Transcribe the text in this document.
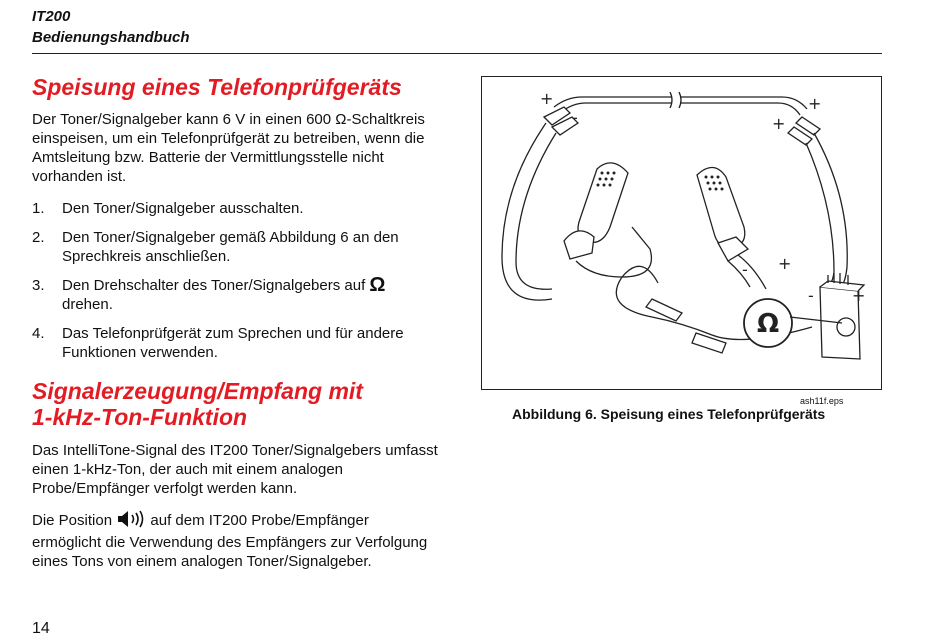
IT200
Bedienungshandbuch
Speisung eines Telefonprüfgeräts

Der Toner/Signalgeber kann 6 V in einen 600 Ω-Schaltkreis einspeisen, um ein Telefonprüfgerät zu betreiben, wenn die Amtsleitung bzw. Batterie der Vermittlungsstelle nicht vorhanden ist.

1. Den Toner/Signalgeber ausschalten.
2. Den Toner/Signalgeber gemäß Abbildung 6 an den Sprechkreis anschließen.
3. Den Drehschalter des Toner/Signalgebers auf Ω
drehen.
4. Das Telefonprüfgerät zum Sprechen und für andere Funktionen verwenden.
Signalerzeugung/Empfang mit
1-kHz-Ton-Funktion

Das IntelliTone-Signal des IT200 Toner/Signalgebers umfasst einen 1-kHz-Ton, der auch mit einem analogen Probe/Empfänger verfolgt werden kann.

Die Position  auf dem IT200 Probe/Empfänger ermöglicht die Verwendung des Empfängers zur Verfolgung eines Tons von einem analogen Toner/Signalgeber.

+
-
+
+
- +
- +
Ω
ash11f.eps
Abbildung 6. Speisung eines Telefonprüfgeräts
14
